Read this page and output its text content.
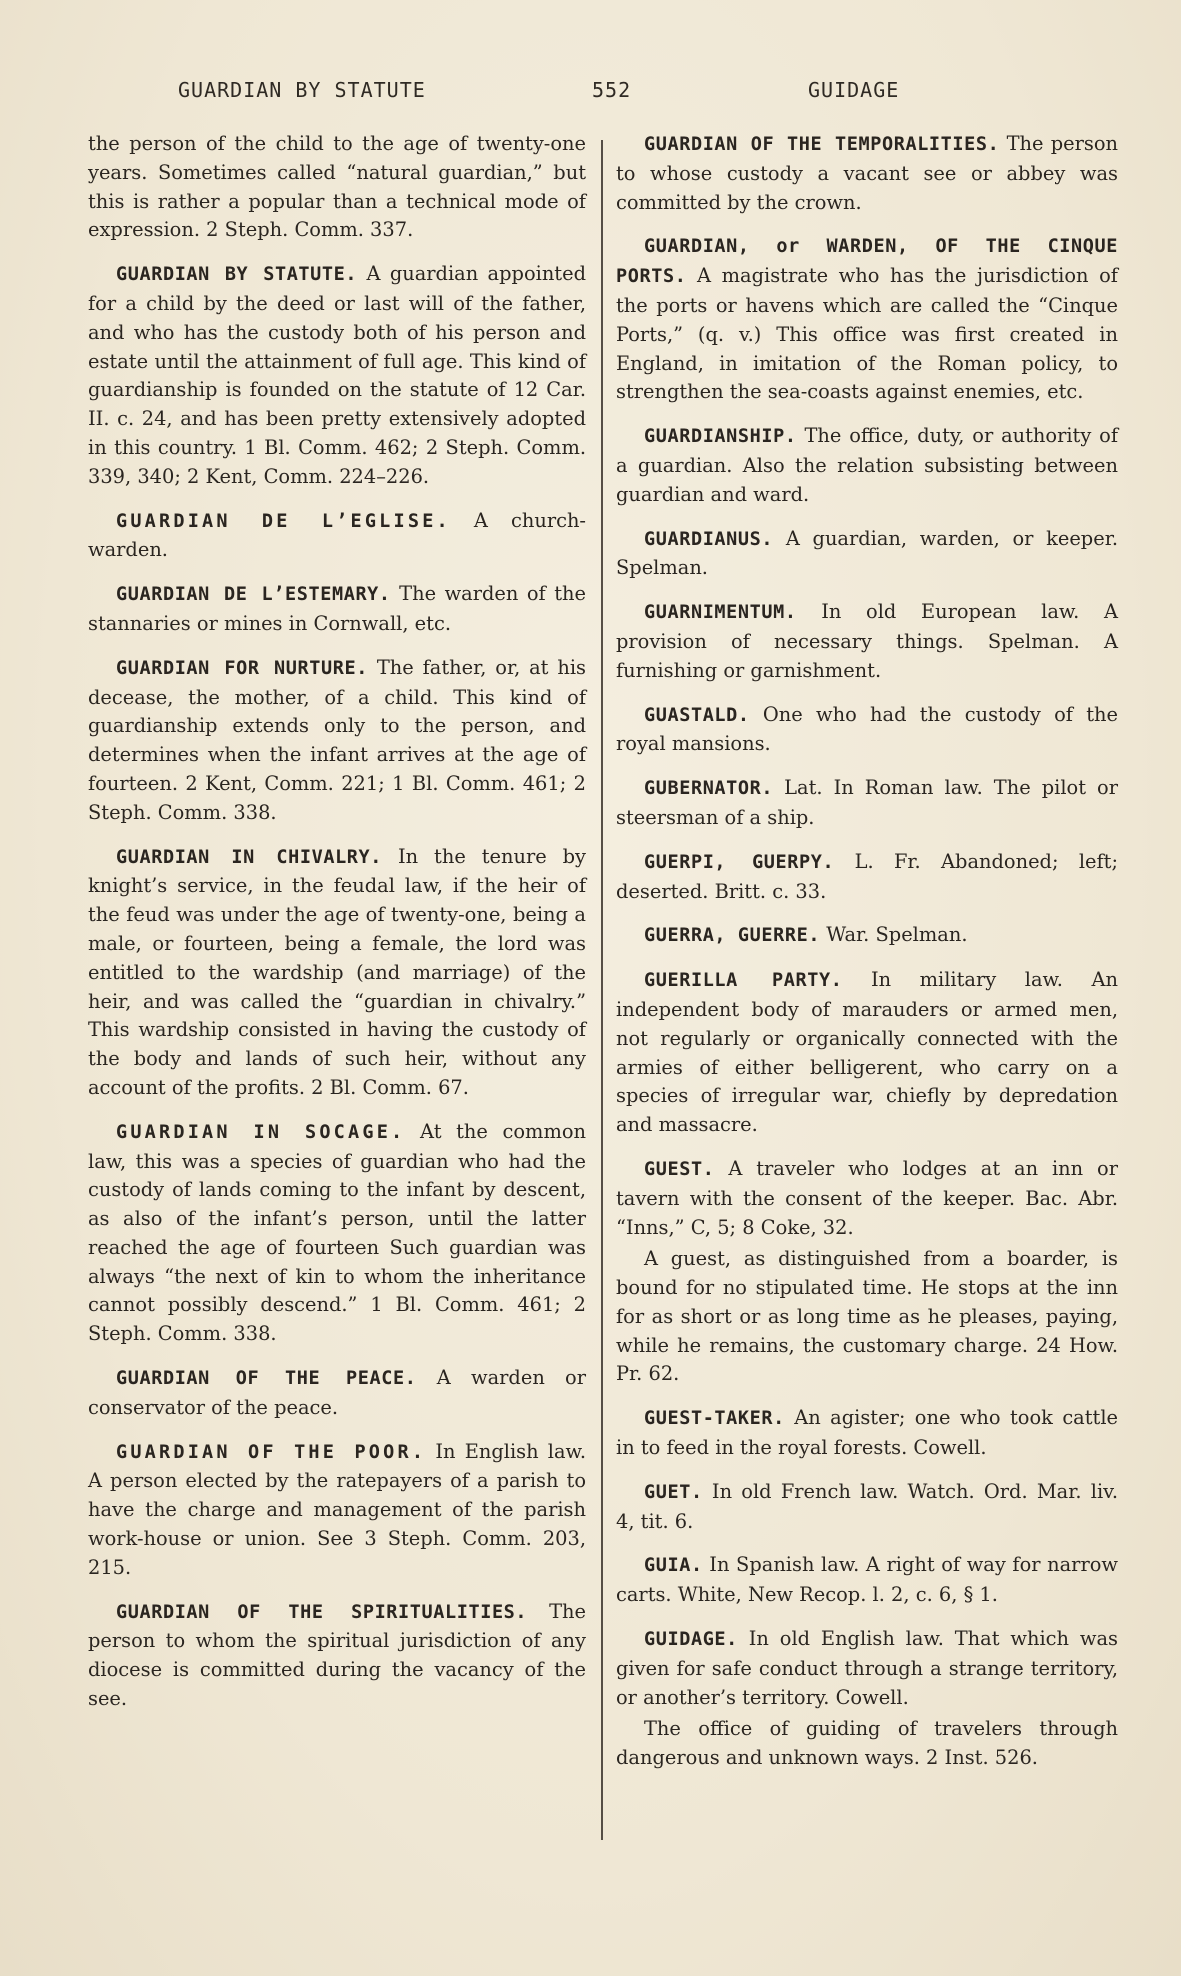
GUARDIAN BY STATUTE	552	GUIDAGE

the person of the child to the age of twenty-one years. Sometimes called “natural guardian,” but this is rather a popular than a technical mode of expression. 2 Steph. Comm. 337.

GUARDIAN BY STATUTE. A guardian appointed for a child by the deed or last will of the father, and who has the custody both of his person and estate until the attainment of full age. This kind of guardianship is founded on the statute of 12 Car. II. c. 24, and has been pretty extensively adopted in this country. 1 Bl. Comm. 462; 2 Steph. Comm. 339, 340; 2 Kent, Comm. 224–226.

GUARDIAN DE L’EGLISE. A church-warden.

GUARDIAN DE L’ESTEMARY. The warden of the stannaries or mines in Cornwall, etc.

GUARDIAN FOR NURTURE. The father, or, at his decease, the mother, of a child. This kind of guardianship extends only to the person, and determines when the infant arrives at the age of fourteen. 2 Kent, Comm. 221; 1 Bl. Comm. 461; 2 Steph. Comm. 338.

GUARDIAN IN CHIVALRY. In the tenure by knight’s service, in the feudal law, if the heir of the feud was under the age of twenty-one, being a male, or fourteen, being a female, the lord was entitled to the wardship (and marriage) of the heir, and was called the “guardian in chivalry.” This wardship consisted in having the custody of the body and lands of such heir, without any account of the profits. 2 Bl. Comm. 67.

GUARDIAN IN SOCAGE. At the common law, this was a species of guardian who had the custody of lands coming to the infant by descent, as also of the infant’s person, until the latter reached the age of fourteen Such guardian was always “the next of kin to whom the inheritance cannot possibly descend.” 1 Bl. Comm. 461; 2 Steph. Comm. 338.

GUARDIAN OF THE PEACE. A warden or conservator of the peace.

GUARDIAN OF THE POOR. In English law. A person elected by the ratepayers of a parish to have the charge and management of the parish work-house or union. See 3 Steph. Comm. 203, 215.

GUARDIAN OF THE SPIRITUALITIES. The person to whom the spiritual jurisdiction of any diocese is committed during the vacancy of the see.

GUARDIAN OF THE TEMPORALITIES. The person to whose custody a vacant see or abbey was committed by the crown.

GUARDIAN, or WARDEN, OF THE CINQUE PORTS. A magistrate who has the jurisdiction of the ports or havens which are called the “Cinque Ports,” (q. v.) This office was first created in England, in imitation of the Roman policy, to strengthen the sea-coasts against enemies, etc.

GUARDIANSHIP. The office, duty, or authority of a guardian. Also the relation subsisting between guardian and ward.

GUARDIANUS. A guardian, warden, or keeper. Spelman.

GUARNIMENTUM. In old European law. A provision of necessary things. Spelman. A furnishing or garnishment.

GUASTALD. One who had the custody of the royal mansions.

GUBERNATOR. Lat. In Roman law. The pilot or steersman of a ship.

GUERPI, GUERPY. L. Fr. Abandoned; left; deserted. Britt. c. 33.

GUERRA, GUERRE. War. Spelman.

GUERILLA PARTY. In military law. An independent body of marauders or armed men, not regularly or organically connected with the armies of either belligerent, who carry on a species of irregular war, chiefly by depredation and massacre.

GUEST. A traveler who lodges at an inn or tavern with the consent of the keeper. Bac. Abr. “Inns,” C, 5; 8 Coke, 32.

A guest, as distinguished from a boarder, is bound for no stipulated time. He stops at the inn for as short or as long time as he pleases, paying, while he remains, the customary charge. 24 How. Pr. 62.

GUEST-TAKER. An agister; one who took cattle in to feed in the royal forests. Cowell.

GUET. In old French law. Watch. Ord. Mar. liv. 4, tit. 6.

GUIA. In Spanish law. A right of way for narrow carts. White, New Recop. l. 2, c. 6, § 1.

GUIDAGE. In old English law. That which was given for safe conduct through a strange territory, or another’s territory. Cowell.

The office of guiding of travelers through dangerous and unknown ways. 2 Inst. 526.
